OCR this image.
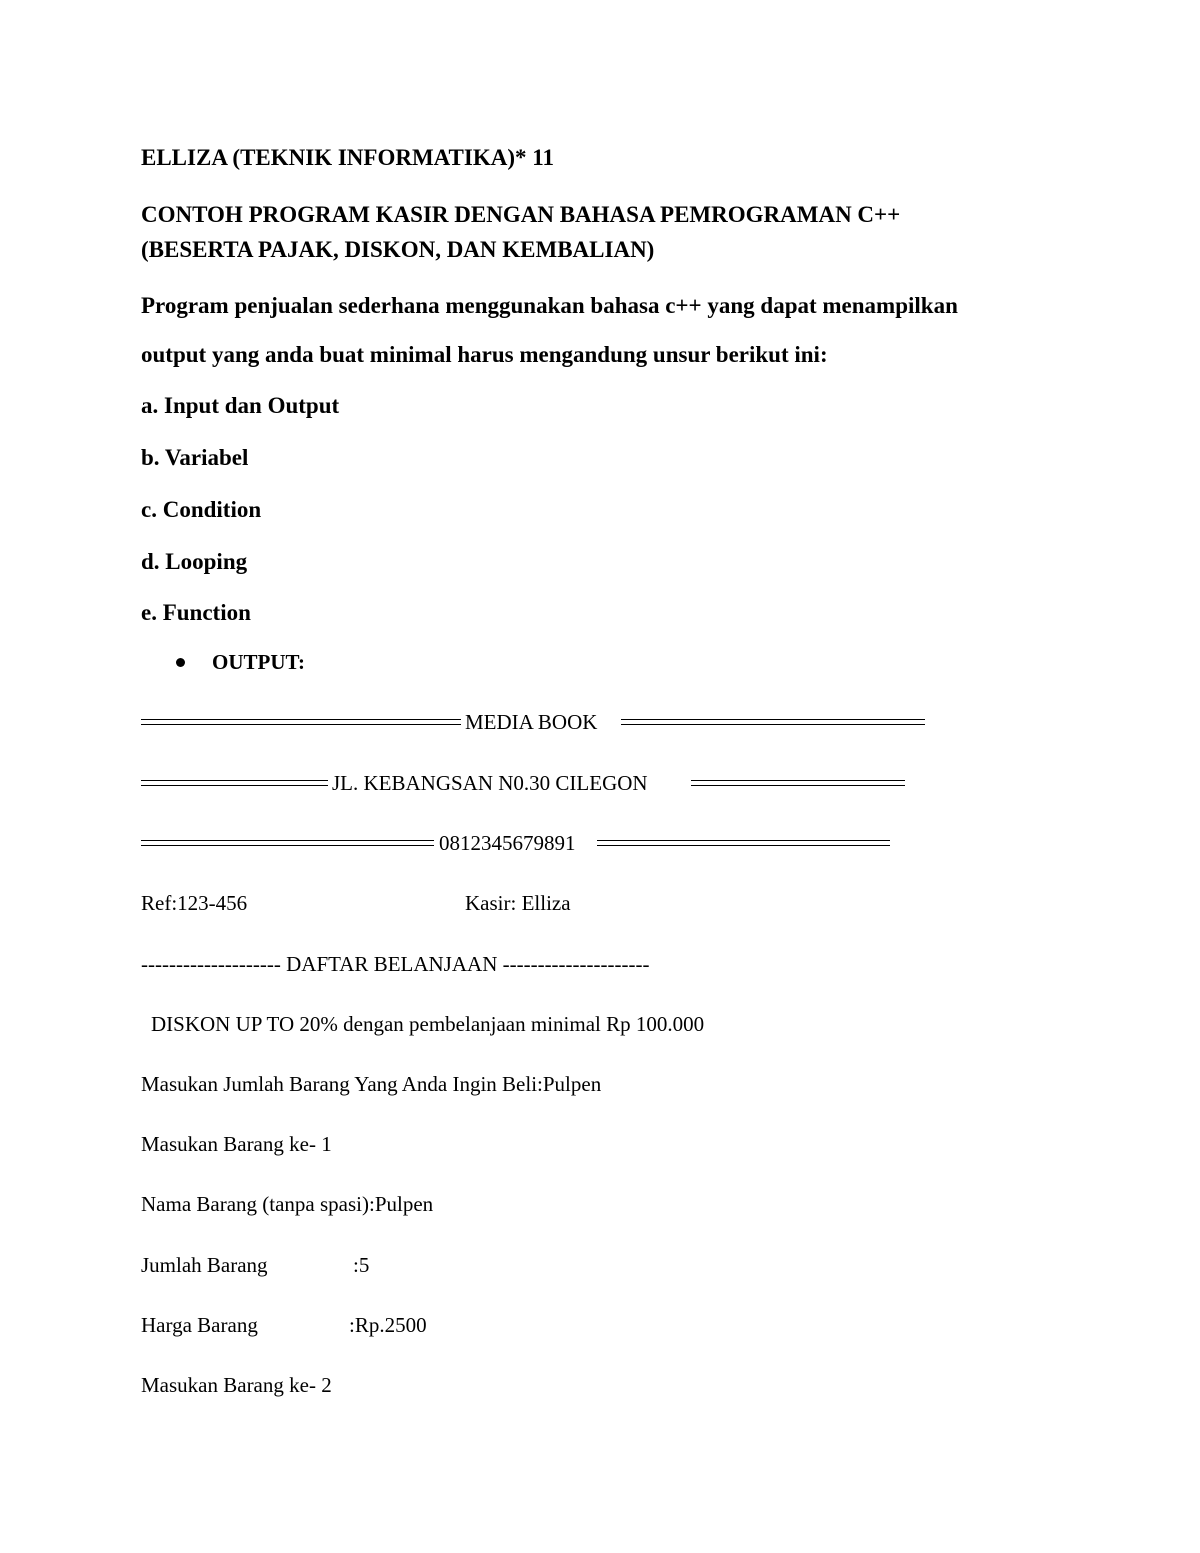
ELLIZA (TEKNIK INFORMATIKA)* 11
CONTOH PROGRAM KASIR DENGAN BAHASA PEMROGRAMAN C++
(BESERTA PAJAK, DISKON, DAN KEMBALIAN)
Program penjualan sederhana menggunakan bahasa c++ yang dapat menampilkan
output yang anda buat minimal harus mengandung unsur berikut ini:
a. Input dan Output
b. Variabel
c. Condition
d. Looping
e. Function
OUTPUT:
MEDIA BOOK
JL. KEBANGSAN N0.30 CILEGON
0812345679891
Ref:123-456	Kasir: Elliza
-------------------- DAFTAR BELANJAAN ---------------------
DISKON UP TO 20% dengan pembelanjaan minimal Rp 100.000
Masukan Jumlah Barang Yang Anda Ingin Beli:Pulpen
Masukan Barang ke- 1
Nama Barang (tanpa spasi):Pulpen
Jumlah Barang	:5
Harga Barang	:Rp.2500
Masukan Barang ke- 2
